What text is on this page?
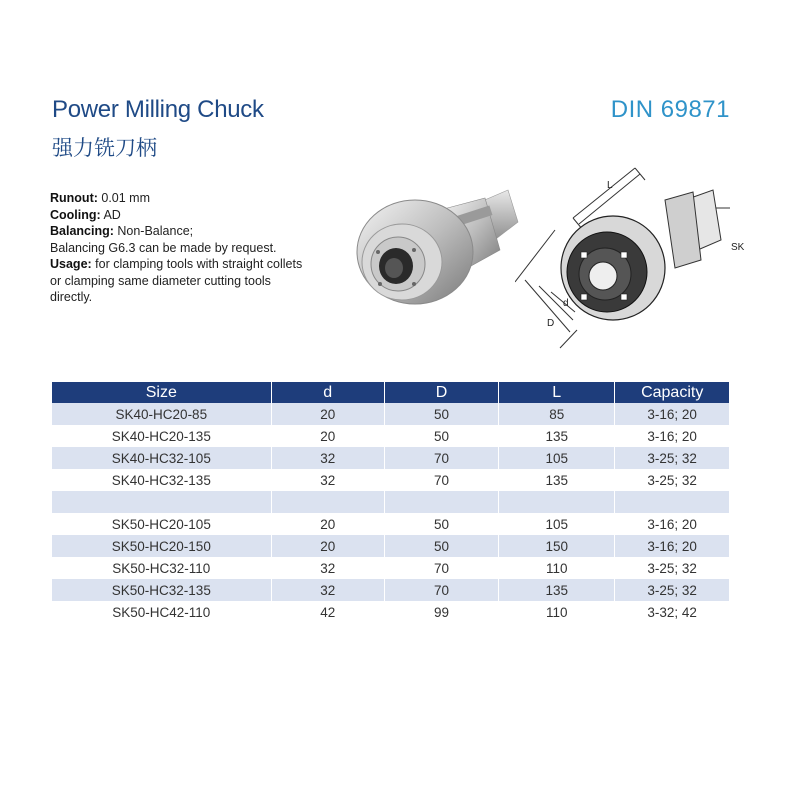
Power Milling Chuck
强力铣刀柄
DIN 69871
Runout: 0.01 mm
Cooling: AD
Balancing: Non-Balance;
Balancing G6.3 can be made by request.
Usage: for clamping tools with straight collets or clamping same diameter cutting tools directly.
L
SK
d
D
Size	d	D	L	Capacity
SK40-HC20-85	20	50	85	3-16; 20
SK40-HC20-135	20	50	135	3-16; 20
SK40-HC32-105	32	70	105	3-25; 32
SK40-HC32-135	32	70	135	3-25; 32

SK50-HC20-105	20	50	105	3-16; 20
SK50-HC20-150	20	50	150	3-16; 20
SK50-HC32-110	32	70	110	3-25; 32
SK50-HC32-135	32	70	135	3-25; 32
SK50-HC42-110	42	99	110	3-32; 42
